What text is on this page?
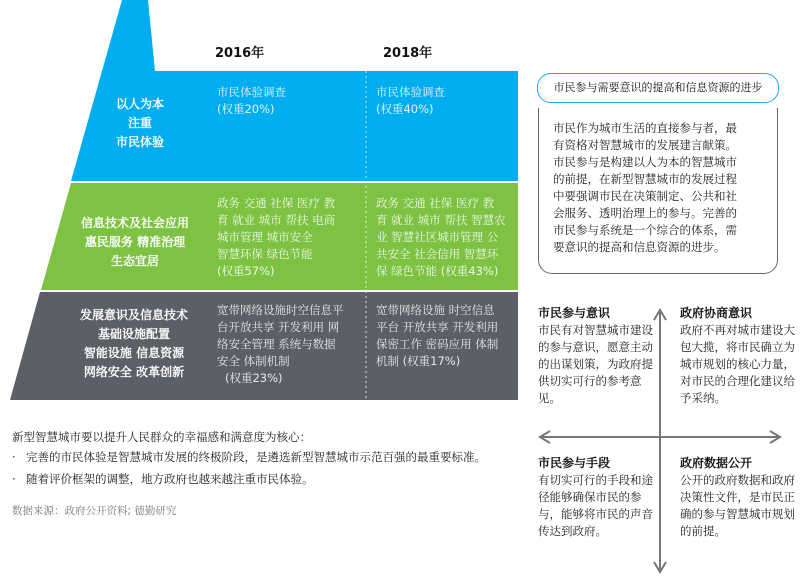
2016年	2018年
以人为本
注重
市民体验
市民体验调查
(权重20%)
市民体验调查
(权重40%)
信息技术及社会应用
惠民服务 精准治理
生态宜居
政务 交通 社保 医疗 教
育 就业 城市 帮扶 电商
城市管理 城市安全
智慧环保 绿色节能
(权重57%)
政务 交通 社保 医疗 教
育 就业 城市 帮扶 智慧农
业 智慧社区城市管理 公
共安全 社会信用 智慧环
保 绿色节能 (权重43%)
发展意识及信息技术
基础设施配置
智能设施 信息资源
网络安全 改革创新
宽带网络设施时空信息平
台开放共享 开发利用 网
络安全管理 系统与数据
安全 体制机制
(权重23%)
宽带网络设施 时空信息
平台 开放共享 开发利用
保密工作 密码应用 体制
机制 (权重17%)
市民作为城市生活的直接参与者，最
有资格对智慧城市的发展建言献策。
市民参与是构建以人为本的智慧城市
的前提，在新型智慧城市的发展过程
中要强调市民在决策制定、公共和社
会服务、透明治理上的参与。完善的
市民参与系统是一个综合的体系，需
要意识的提高和信息资源的进步。
市民参与需要意识的提高和信息资源的进步
市民参与意识
市民有对智慧城市建设的参与意识，愿意主动的出谋划策，为政府提供切实可行的参考意见。
政府协商意识
政府不再对城市建设大包大揽，将市民确立为城市规划的核心力量，对市民的合理化建议给予采纳。
市民参与手段
有切实可行的手段和途径能够确保市民的参与，能够将市民的声音传达到政府。
政府数据公开
公开的政府数据和政府决策性文件，是市民正确的参与智慧城市规划的前提。
新型智慧城市要以提升人民群众的幸福感和满意度为核心：
· 完善的市民体验是智慧城市发展的终极阶段，是遴选新型智慧城市示范百强的最重要标准。
· 随着评价框架的调整，地方政府也越来越注重市民体验。
数据来源：政府公开资料; 德勤研究
